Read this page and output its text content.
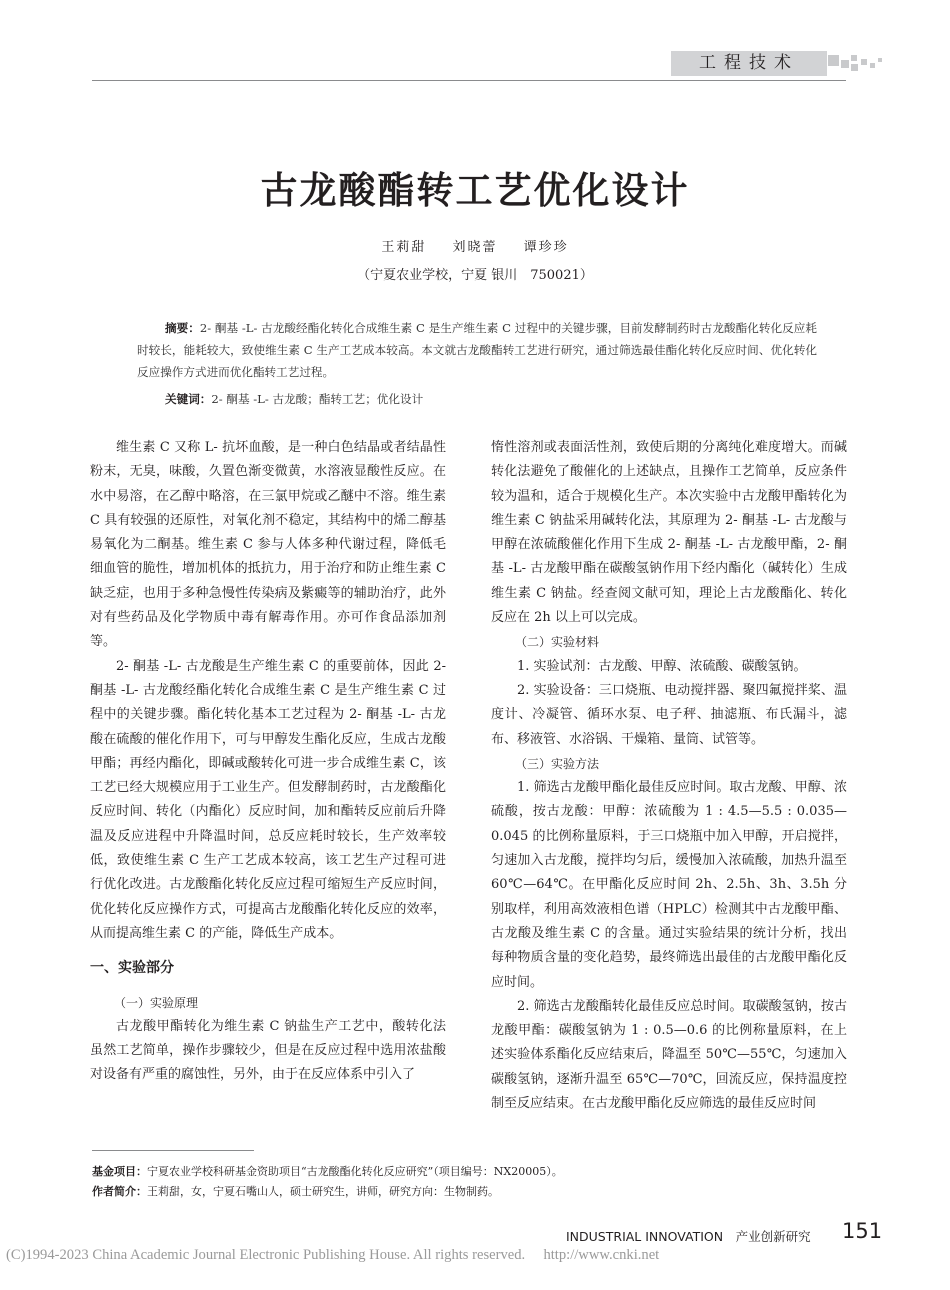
工程技术
古龙酸酯转工艺优化设计
王莉甜 刘晓蕾 谭珍珍
（宁夏农业学校，宁夏 银川　750021）
摘要：2- 酮基 -L- 古龙酸经酯化转化合成维生素 C 是生产维生素 C 过程中的关键步骤，目前发酵制药时古龙酸酯化转化反应耗时较长，能耗较大，致使维生素 C 生产工艺成本较高。本文就古龙酸酯转工艺进行研究，通过筛选最佳酯化转化反应时间、优化转化反应操作方式进而优化酯转工艺过程。
关键词：2- 酮基 -L- 古龙酸；酯转工艺；优化设计

维生素 C 又称 L- 抗坏血酸，是一种白色结晶或者结晶性粉末，无臭，味酸，久置色渐变微黄，水溶液显酸性反应。在水中易溶，在乙醇中略溶，在三氯甲烷或乙醚中不溶。维生素 C 具有较强的还原性，对氧化剂不稳定，其结构中的烯二醇基易氧化为二酮基。维生素 C 参与人体多种代谢过程，降低毛细血管的脆性，增加机体的抵抗力，用于治疗和防止维生素 C 缺乏症，也用于多种急慢性传染病及紫癜等的辅助治疗，此外对有些药品及化学物质中毒有解毒作用。亦可作食品添加剂等。

2- 酮基 -L- 古龙酸是生产维生素 C 的重要前体，因此 2- 酮基 -L- 古龙酸经酯化转化合成维生素 C 是生产维生素 C 过程中的关键步骤。酯化转化基本工艺过程为 2- 酮基 -L- 古龙酸在硫酸的催化作用下，可与甲醇发生酯化反应，生成古龙酸甲酯；再经内酯化，即碱或酸转化可进一步合成维生素 C，该工艺已经大规模应用于工业生产。但发酵制药时，古龙酸酯化反应时间、转化（内酯化）反应时间，加和酯转反应前后升降温及反应进程中升降温时间，总反应耗时较长，生产效率较低，致使维生素 C 生产工艺成本较高，该工艺生产过程可进行优化改进。古龙酸酯化转化反应过程可缩短生产反应时间，优化转化反应操作方式，可提高古龙酸酯化转化反应的效率，从而提高维生素 C 的产能，降低生产成本。

一、实验部分

（一）实验原理

古龙酸甲酯转化为维生素 C 钠盐生产工艺中，酸转化法虽然工艺简单，操作步骤较少，但是在反应过程中选用浓盐酸对设备有严重的腐蚀性，另外，由于在反应体系中引入了

惰性溶剂或表面活性剂，致使后期的分离纯化难度增大。而碱转化法避免了酸催化的上述缺点，且操作工艺简单，反应条件较为温和，适合于规模化生产。本次实验中古龙酸甲酯转化为维生素 C 钠盐采用碱转化法，其原理为 2- 酮基 -L- 古龙酸与甲醇在浓硫酸催化作用下生成 2- 酮基 -L- 古龙酸甲酯，2- 酮基 -L- 古龙酸甲酯在碳酸氢钠作用下经内酯化（碱转化）生成维生素 C 钠盐。经查阅文献可知，理论上古龙酸酯化、转化反应在 2h 以上可以完成。

（二）实验材料

1. 实验试剂：古龙酸、甲醇、浓硫酸、碳酸氢钠。

2. 实验设备：三口烧瓶、电动搅拌器、聚四氟搅拌桨、温度计、冷凝管、循环水泵、电子秤、抽滤瓶、布氏漏斗，滤布、移液管、水浴锅、干燥箱、量筒、试管等。

（三）实验方法

1. 筛选古龙酸甲酯化最佳反应时间。取古龙酸、甲醇、浓硫酸，按古龙酸：甲醇：浓硫酸为 1 : 4.5—5.5 : 0.035—0.045 的比例称量原料，于三口烧瓶中加入甲醇，开启搅拌，匀速加入古龙酸，搅拌均匀后，缓慢加入浓硫酸，加热升温至 60℃—64℃。在甲酯化反应时间 2h、2.5h、3h、3.5h 分别取样，利用高效液相色谱（HPLC）检测其中古龙酸甲酯、古龙酸及维生素 C 的含量。通过实验结果的统计分析，找出每种物质含量的变化趋势，最终筛选出最佳的古龙酸甲酯化反应时间。

2. 筛选古龙酸酯转化最佳反应总时间。取碳酸氢钠，按古龙酸甲酯：碳酸氢钠为 1 : 0.5—0.6 的比例称量原料，在上述实验体系酯化反应结束后，降温至 50℃—55℃，匀速加入碳酸氢钠，逐渐升温至 65℃—70℃，回流反应，保持温度控制至反应结束。在古龙酸甲酯化反应筛选的最佳反应时间

基金项目：宁夏农业学校科研基金资助项目“古龙酸酯化转化反应研究”（项目编号：NX20005）。
作者简介：王莉甜，女，宁夏石嘴山人，硕士研究生，讲师，研究方向：生物制药。
INDUSTRIAL INNOVATION　产业创新研究 151
(C)1994-2023 China Academic Journal Electronic Publishing House. All rights reserved.　 http://www.cnki.net
